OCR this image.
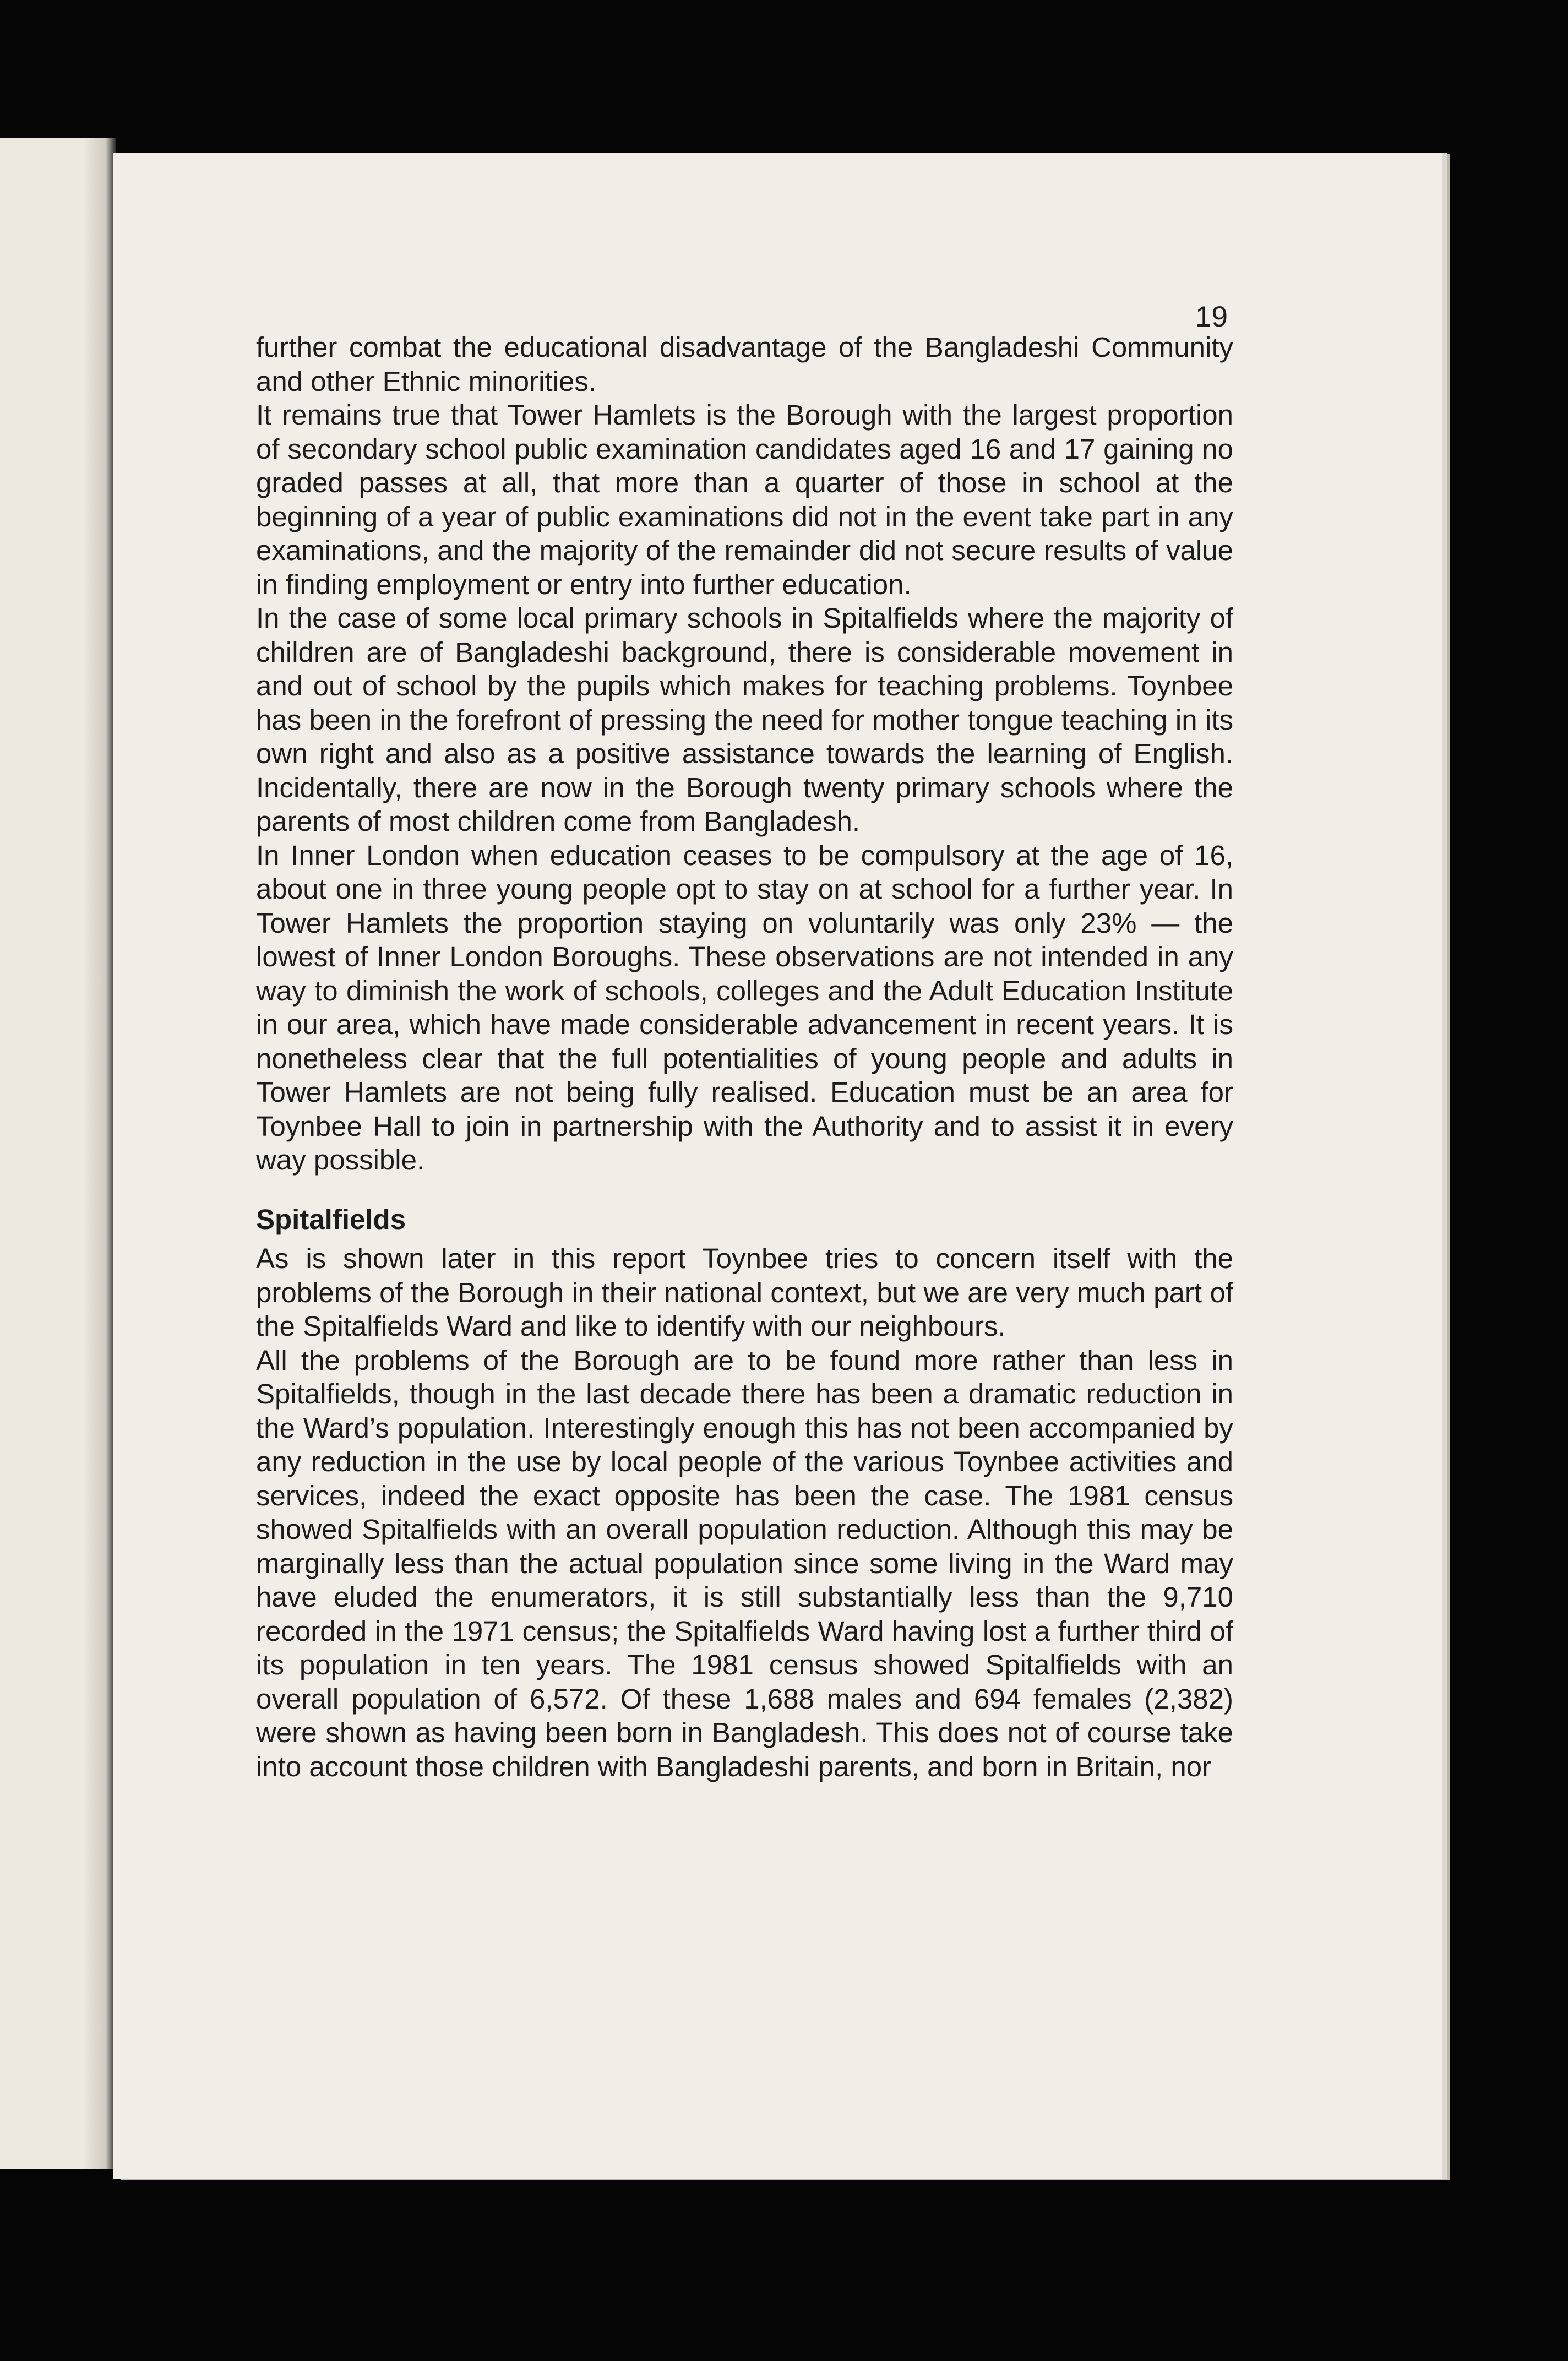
19

further combat the educational disadvantage of the Bangladeshi Community and other Ethnic minorities.

It remains true that Tower Hamlets is the Borough with the largest proportion of secondary school public examination candidates aged 16 and 17 gaining no graded passes at all, that more than a quarter of those in school at the beginning of a year of public examinations did not in the event take part in any examinations, and the majority of the remainder did not secure results of value in finding employment or entry into further education.

In the case of some local primary schools in Spitalfields where the majority of children are of Bangladeshi background, there is considerable movement in and out of school by the pupils which makes for teaching problems. Toynbee has been in the forefront of pressing the need for mother tongue teaching in its own right and also as a positive assistance towards the learning of English. Incidentally, there are now in the Borough twenty primary schools where the parents of most children come from Bangladesh.

In Inner London when education ceases to be compulsory at the age of 16, about one in three young people opt to stay on at school for a further year. In Tower Hamlets the proportion staying on voluntarily was only 23% — the lowest of Inner London Boroughs. These observations are not intended in any way to diminish the work of schools, colleges and the Adult Education Institute in our area, which have made considerable advancement in recent years. It is nonetheless clear that the full potentialities of young people and adults in Tower Hamlets are not being fully realised. Education must be an area for Toynbee Hall to join in partnership with the Authority and to assist it in every way possible.

Spitalfields

As is shown later in this report Toynbee tries to concern itself with the problems of the Borough in their national context, but we are very much part of the Spitalfields Ward and like to identify with our neighbours.

All the problems of the Borough are to be found more rather than less in Spitalfields, though in the last decade there has been a dramatic reduction in the Ward’s population. Interestingly enough this has not been accompanied by any reduction in the use by local people of the various Toynbee activities and services, indeed the exact opposite has been the case. The 1981 census showed Spitalfields with an overall population reduction. Although this may be marginally less than the actual population since some living in the Ward may have eluded the enumerators, it is still substantially less than the 9,710 recorded in the 1971 census; the Spitalfields Ward having lost a further third of its population in ten years. The 1981 census showed Spitalfields with an overall population of 6,572. Of these 1,688 males and 694 females (2,382) were shown as having been born in Bangladesh. This does not of course take into account those children with Bangladeshi parents, and born in Britain, nor
